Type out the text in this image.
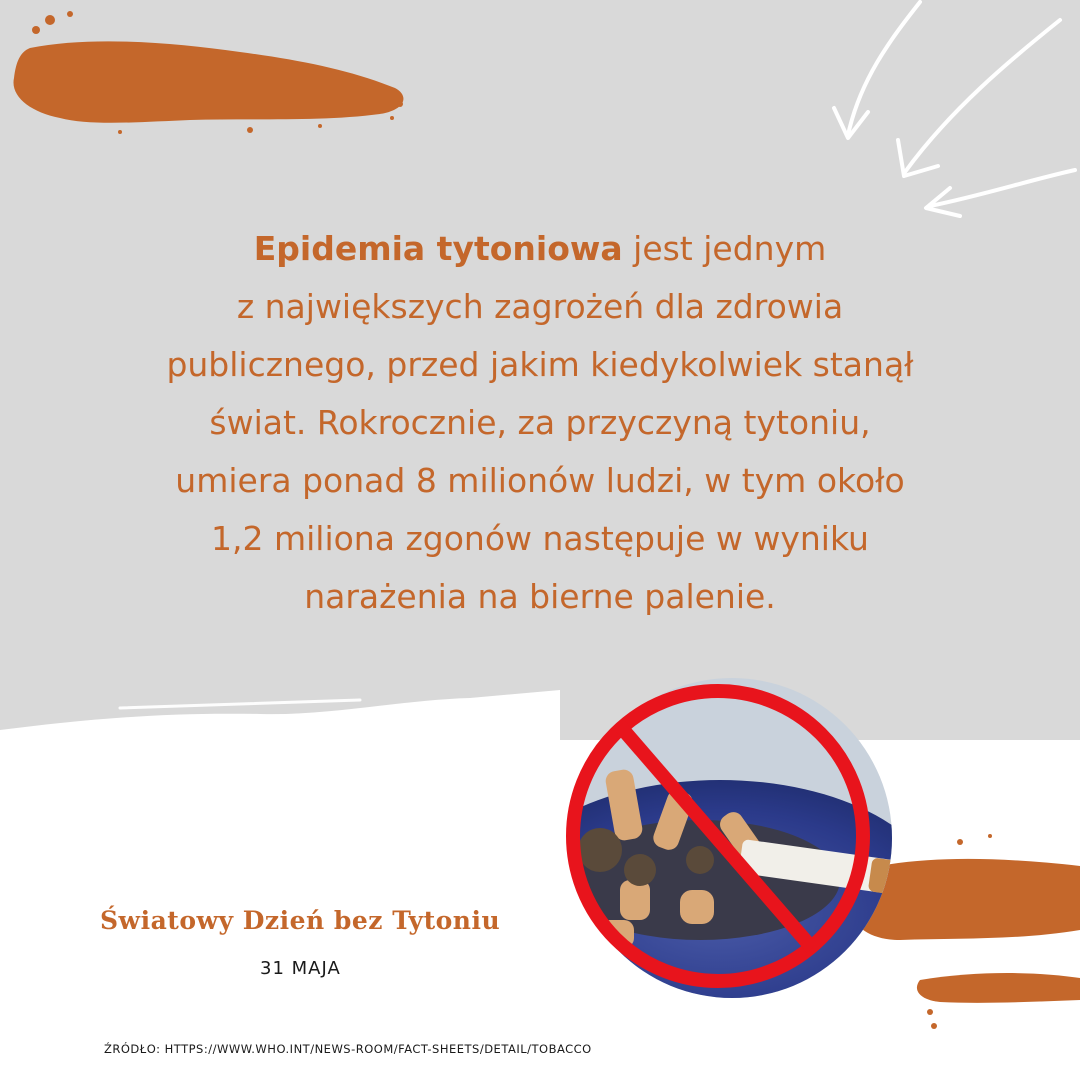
Epidemia tytoniowa jest jednym
z największych zagrożeń dla zdrowia
publicznego, przed jakim kiedykolwiek stanął
świat. Rokrocznie, za przyczyną tytoniu,
umiera ponad 8 milionów ludzi, w tym około
1,2 miliona zgonów następuje w wyniku
narażenia na bierne palenie.
Światowy Dzień bez Tytoniu
31 MAJA
ŹRÓDŁO: HTTPS://WWW.WHO.INT/NEWS-ROOM/FACT-SHEETS/DETAIL/TOBACCO
